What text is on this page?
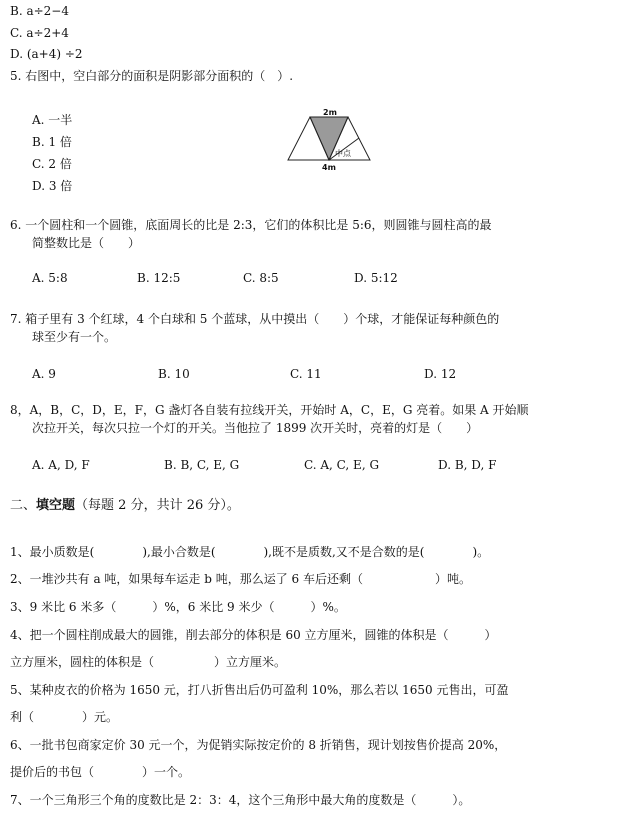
B. a÷2−4
C. a÷2+4
D. (a+4) ÷2
5. 右图中，空白部分的面积是阴影部分面积的（　）.
A. 一半
B. 1 倍
C. 2 倍
D. 3 倍
2m
中点
4m
6. 一个圆柱和一个圆锥，底面周长的比是 2:3，它们的体积比是 5:6，则圆锥与圆柱高的最
简整数比是（　　）
A. 5:8	B. 12:5	C. 8:5	D. 5:12
7. 箱子里有 3 个红球，4 个白球和 5 个蓝球，从中摸出（　　）个球，才能保证每种颜色的
球至少有一个。
A. 9	B. 10	C. 11	D. 12
8，A，B，C，D，E，F，G 盏灯各自装有拉线开关，开始时 A，C，E，G 亮着。如果 A 开始顺
次拉开关，每次只拉一个灯的开关。当他拉了 1899 次开关时，亮着的灯是（　　）
A. A, D, F	B. B, C, E, G	C. A, C, E, G	D. B, D, F
二、填空题（每题 2 分，共计 26 分）。
1、最小质数是(　　　　),最小合数是(　　　　),既不是质数,又不是合数的是(　　　　)。
2、一堆沙共有 a 吨，如果每车运走 b 吨，那么运了 6 车后还剩（　　　　　　）吨。
3、9 米比 6 米多（　　　）%，6 米比 9 米少（　　　）%。
4、把一个圆柱削成最大的圆锥，削去部分的体积是 60 立方厘米，圆锥的体积是（　　　）
立方厘米，圆柱的体积是（　　　　　）立方厘米。
5、某种皮衣的价格为 1650 元，打八折售出后仍可盈利 10%，那么若以 1650 元售出，可盈
利（　　　　）元。
6、一批书包商家定价 30 元一个，为促销实际按定价的 8 折销售，现计划按售价提高 20%，
提价后的书包（　　　　）一个。
7、一个三角形三个角的度数比是 2：3：4，这个三角形中最大角的度数是（　　　）。
